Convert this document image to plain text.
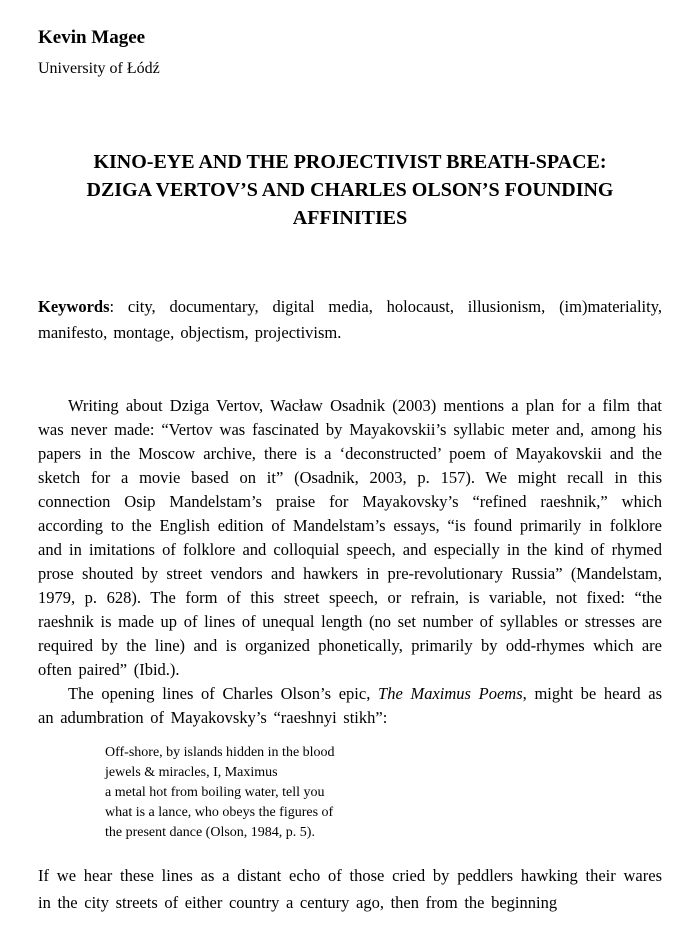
Kevin Magee
University of Łódź
KINO-EYE AND THE PROJECTIVIST BREATH-SPACE:
DZIGA VERTOV’S AND CHARLES OLSON’S FOUNDING
AFFINITIES

Keywords: city, documentary, digital media, holocaust, illusionism, (im)materiality, manifesto, montage, objectism, projectivism.

Writing about Dziga Vertov, Wacław Osadnik (2003) mentions a plan for a film that was never made: “Vertov was fascinated by Mayakovskii’s syllabic meter and, among his papers in the Moscow archive, there is a ‘deconstructed’ poem of Mayakovskii and the sketch for a movie based on it” (Osadnik, 2003, p. 157). We might recall in this connection Osip Mandelstam’s praise for Mayakovsky’s “refined raeshnik,” which according to the English edition of Mandelstam’s essays, “is found primarily in folklore and in imitations of folklore and colloquial speech, and especially in the kind of rhymed prose shouted by street vendors and hawkers in pre-revolutionary Russia” (Mandelstam, 1979, p. 628). The form of this street speech, or refrain, is variable, not fixed: “the raeshnik is made up of lines of unequal length (no set number of syllables or stresses are required by the line) and is organized phonetically, primarily by odd-rhymes which are often paired” (Ibid.).

The opening lines of Charles Olson’s epic, The Maximus Poems, might be heard as an adumbration of Mayakovsky’s “raeshnyi stikh”:

Off-shore, by islands hidden in the blood
jewels & miracles, I, Maximus
a metal hot from boiling water, tell you
what is a lance, who obeys the figures of
the present dance (Olson, 1984, p. 5).

If we hear these lines as a distant echo of those cried by peddlers hawking their wares in the city streets of either country a century ago, then from the beginning
